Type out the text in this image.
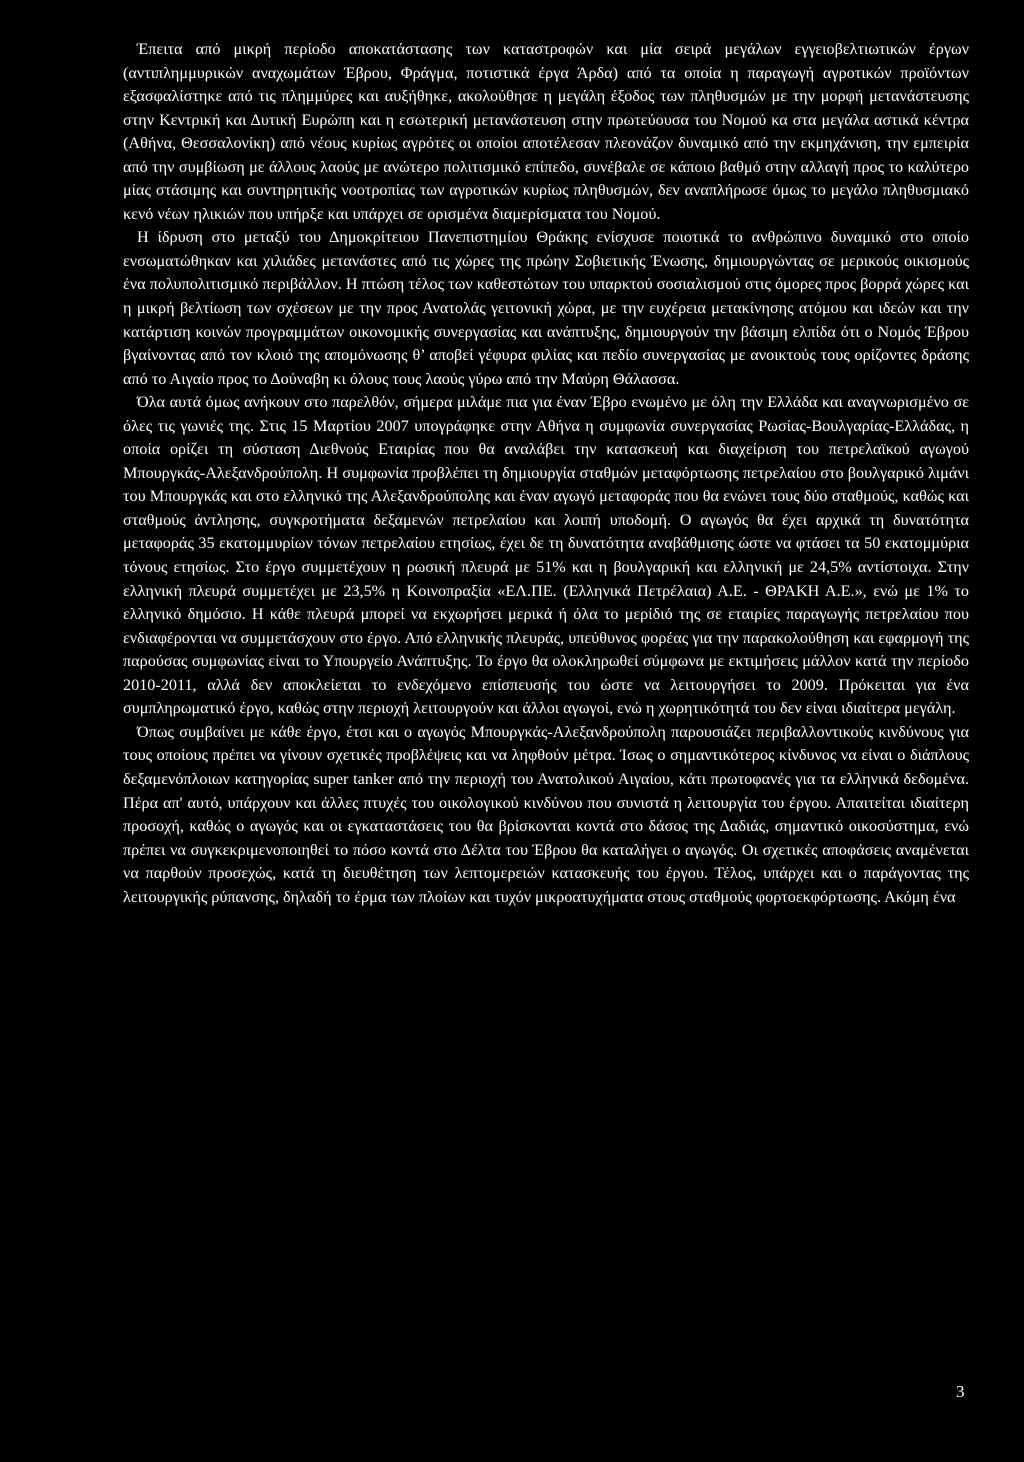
Έπειτα από μικρή περίοδο αποκατάστασης των καταστροφών και μία σειρά μεγάλων εγγειοβελτιωτικών έργων (αντιπλημμυρικών αναχωμάτων Έβρου, Φράγμα, ποτιστικά έργα Άρδα) από τα οποία η παραγωγή αγροτικών προϊόντων εξασφαλίστηκε από τις πλημμύρες και αυξήθηκε, ακολούθησε η μεγάλη έξοδος των πληθυσμών με την μορφή μετανάστευσης στην Κεντρική και Δυτική Ευρώπη και η εσωτερική μετανάστευση στην πρωτεύουσα του Νομού κα στα μεγάλα αστικά κέντρα (Αθήνα, Θεσσαλονίκη) από νέους κυρίως αγρότες οι οποίοι αποτέλεσαν πλεονάζον δυναμικό από την εκμηχάνιση, την εμπειρία από την συμβίωση με άλλους λαούς με ανώτερο πολιτισμικό επίπεδο, συνέβαλε σε κάποιο βαθμό στην αλλαγή προς το καλύτερο μίας στάσιμης και συντηρητικής νοοτροπίας των αγροτικών κυρίως πληθυσμών, δεν αναπλήρωσε όμως το μεγάλο πληθυσμιακό κενό νέων ηλικιών που υπήρξε και υπάρχει σε ορισμένα διαμερίσματα του Νομού.

Η ίδρυση στο μεταξύ του Δημοκρίτειου Πανεπιστημίου Θράκης ενίσχυσε ποιοτικά το ανθρώπινο δυναμικό στο οποίο ενσωματώθηκαν και χιλιάδες μετανάστες από τις χώρες της πρώην Σοβιετικής Ένωσης, δημιουργώντας σε μερικούς οικισμούς ένα πολυπολιτισμικό περιβάλλον. Η πτώση τέλος των καθεστώτων του υπαρκτού σοσιαλισμού στις όμορες προς βορρά χώρες και η μικρή βελτίωση των σχέσεων με την προς Ανατολάς γειτονική χώρα, με την ευχέρεια μετακίνησης ατόμου και ιδεών και την κατάρτιση κοινών προγραμμάτων οικονομικής συνεργασίας και ανάπτυξης, δημιουργούν την βάσιμη ελπίδα ότι ο Νομός Έβρου βγαίνοντας από τον κλοιό της απομόνωσης θ’ αποβεί γέφυρα φιλίας και πεδίο συνεργασίας με ανοικτούς τους ορίζοντες δράσης από το Αιγαίο προς το Δούναβη κι όλους τους λαούς γύρω από την Μαύρη Θάλασσα.

Όλα αυτά όμως ανήκουν στο παρελθόν, σήμερα μιλάμε πια για έναν Έβρο ενωμένο με όλη την Ελλάδα και αναγνωρισμένο σε όλες τις γωνιές της. Στις 15 Μαρτίου 2007 υπογράφηκε στην Αθήνα η συμφωνία συνεργασίας Ρωσίας-Βουλγαρίας-Ελλάδας, η οποία ορίζει τη σύσταση Διεθνούς Εταιρίας που θα αναλάβει την κατασκευή και διαχείριση του πετρελαϊκού αγωγού Μπουργκάς-Αλεξανδρούπολη. Η συμφωνία προβλέπει τη δημιουργία σταθμών μεταφόρτωσης πετρελαίου στο βουλγαρικό λιμάνι του Μπουργκάς και στο ελληνικό της Αλεξανδρούπολης και έναν αγωγό μεταφοράς που θα ενώνει τους δύο σταθμούς, καθώς και σταθμούς άντλησης, συγκροτήματα δεξαμενών πετρελαίου και λοιπή υποδομή. Ο αγωγός θα έχει αρχικά τη δυνατότητα μεταφοράς 35 εκατομμυρίων τόνων πετρελαίου ετησίως, έχει δε τη δυνατότητα αναβάθμισης ώστε να φτάσει τα 50 εκατομμύρια τόνους ετησίως. Στο έργο συμμετέχουν η ρωσική πλευρά με 51% και η βουλγαρική και ελληνική με 24,5% αντίστοιχα. Στην ελληνική πλευρά συμμετέχει με 23,5% η Κοινοπραξία «ΕΛ.ΠΕ. (Ελληνικά Πετρέλαια) Α.Ε. - ΘΡΑΚΗ Α.Ε.», ενώ με 1% το ελληνικό δημόσιο. Η κάθε πλευρά μπορεί να εκχωρήσει μερικά ή όλα το μερίδιό της σε εταιρίες παραγωγής πετρελαίου που ενδιαφέρονται να συμμετάσχουν στο έργο. Από ελληνικής πλευράς, υπεύθυνος φορέας για την παρακολούθηση και εφαρμογή της παρούσας συμφωνίας είναι το Υπουργείο Ανάπτυξης. Το έργο θα ολοκληρωθεί σύμφωνα με εκτιμήσεις μάλλον κατά την περίοδο 2010-2011, αλλά δεν αποκλείεται το ενδεχόμενο επίσπευσής του ώστε να λειτουργήσει το 2009. Πρόκειται για ένα συμπληρωματικό έργο, καθώς στην περιοχή λειτουργούν και άλλοι αγωγοί, ενώ η χωρητικότητά του δεν είναι ιδιαίτερα μεγάλη.

Όπως συμβαίνει με κάθε έργο, έτσι και ο αγωγός Μπουργκάς-Αλεξανδρούπολη παρουσιάζει περιβαλλοντικούς κινδύνους για τους οποίους πρέπει να γίνουν σχετικές προβλέψεις και να ληφθούν μέτρα. Ίσως ο σημαντικότερος κίνδυνος να είναι ο διάπλους δεξαμενόπλοιων κατηγορίας super tanker από την περιοχή του Ανατολικού Αιγαίου, κάτι πρωτοφανές για τα ελληνικά δεδομένα. Πέρα απ' αυτό, υπάρχουν και άλλες πτυχές του οικολογικού κινδύνου που συνιστά η λειτουργία του έργου. Απαιτείται ιδιαίτερη προσοχή, καθώς ο αγωγός και οι εγκαταστάσεις του θα βρίσκονται κοντά στο δάσος της Δαδιάς, σημαντικό οικοσύστημα, ενώ πρέπει να συγκεκριμενοποιηθεί το πόσο κοντά στο Δέλτα του Έβρου θα καταλήγει ο αγωγός. Οι σχετικές αποφάσεις αναμένεται να παρθούν προσεχώς, κατά τη διευθέτηση των λεπτομερειών κατασκευής του έργου. Τέλος, υπάρχει και ο παράγοντας της λειτουργικής ρύπανσης, δηλαδή το έρμα των πλοίων και τυχόν μικροατυχήματα στους σταθμούς φορτοεκφόρτωσης. Ακόμη ένα

3
